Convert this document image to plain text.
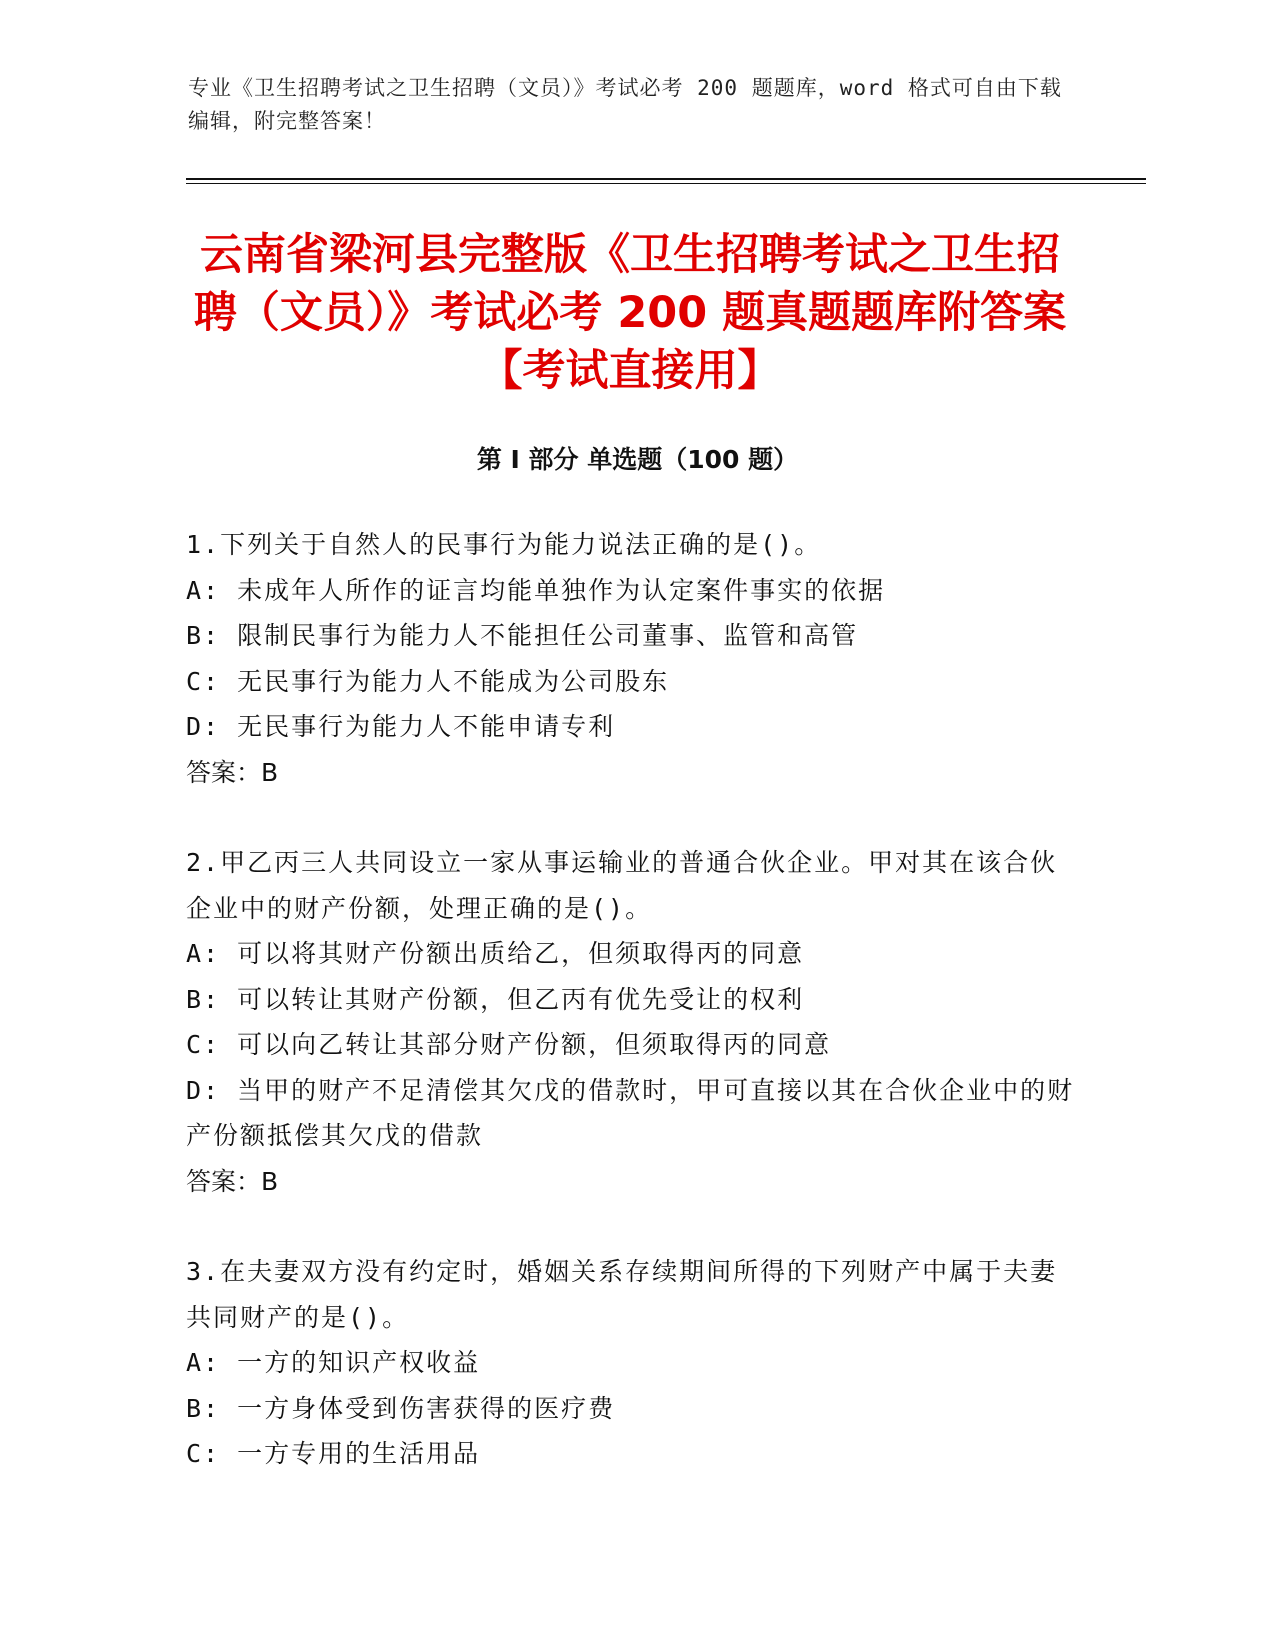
专业《卫生招聘考试之卫生招聘（文员）》考试必考 200 题题库，word 格式可自由下载编辑，附完整答案！
云南省梁河县完整版《卫生招聘考试之卫生招聘（文员）》考试必考 200 题真题题库附答案【考试直接用】
第 I 部分 单选题（100 题）
1.下列关于自然人的民事行为能力说法正确的是()。
A: 未成年人所作的证言均能单独作为认定案件事实的依据
B: 限制民事行为能力人不能担任公司董事、监管和高管
C: 无民事行为能力人不能成为公司股东
D: 无民事行为能力人不能申请专利
答案：B
2.甲乙丙三人共同设立一家从事运输业的普通合伙企业。甲对其在该合伙企业中的财产份额，处理正确的是()。
A: 可以将其财产份额出质给乙，但须取得丙的同意
B: 可以转让其财产份额，但乙丙有优先受让的权利
C: 可以向乙转让其部分财产份额，但须取得丙的同意
D: 当甲的财产不足清偿其欠戊的借款时，甲可直接以其在合伙企业中的财产份额抵偿其欠戊的借款
答案：B
3.在夫妻双方没有约定时，婚姻关系存续期间所得的下列财产中属于夫妻共同财产的是()。
A: 一方的知识产权收益
B: 一方身体受到伤害获得的医疗费
C: 一方专用的生活用品
